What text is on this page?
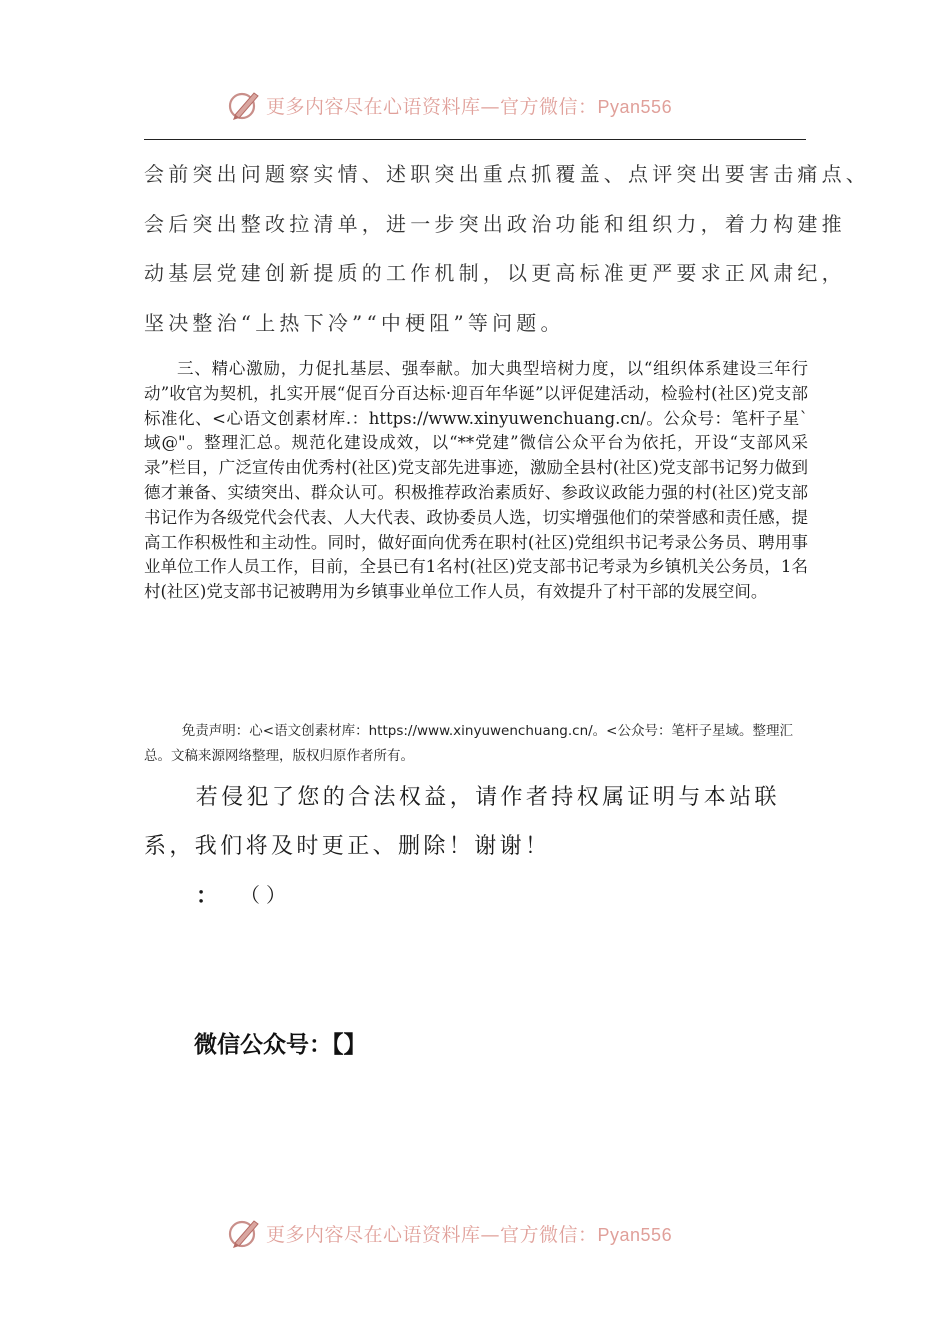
更多内容尽在心语资料库—官方微信：Pyan556

会前突出问题察实情、述职突出重点抓覆盖、点评突出要害击痛点、

会后突出整改拉清单，进一步突出政治功能和组织力，着力构建推

动基层党建创新提质的工作机制，以更高标准更严要求正风肃纪，

坚决整治“上热下冷”“中梗阻”等问题。

三、精心激励，力促扎基层、强奉献。加大典型培树力度，以“组织体系建设三年行动”收官为契机，扎实开展“促百分百达标·迎百年华诞”以评促建活动，检验村(社区)党支部标准化、<心语文创素材库.：https://www.xinyuwenchuang.cn/。公众号：笔杆子星`域@"。整理汇总。规范化建设成效，以“**党建”微信公众平台为依托，开设“支部风采录”栏目，广泛宣传由优秀村(社区)党支部先进事迹，激励全县村(社区)党支部书记努力做到德才兼备、实绩突出、群众认可。积极推荐政治素质好、参政议政能力强的村(社区)党支部书记作为各级党代会代表、人大代表、政协委员人选，切实增强他们的荣誉感和责任感，提高工作积极性和主动性。同时，做好面向优秀在职村(社区)党组织书记考录公务员、聘用事业单位工作人员工作，目前，全县已有1名村(社区)党支部书记考录为乡镇机关公务员，1名村(社区)党支部书记被聘用为乡镇事业单位工作人员，有效提升了村干部的发展空间。

免责声明：心<语文创素材库：https://www.xinyuwenchuang.cn/。<公众号：笔杆子星域。整理汇总。文稿来源网络整理，版权归原作者所有。

若侵犯了您的合法权益，请作者持权属证明与本站联系，我们将及时更正、删除！谢谢！

： （）
微信公众号：【】
更多内容尽在心语资料库—官方微信：Pyan556
